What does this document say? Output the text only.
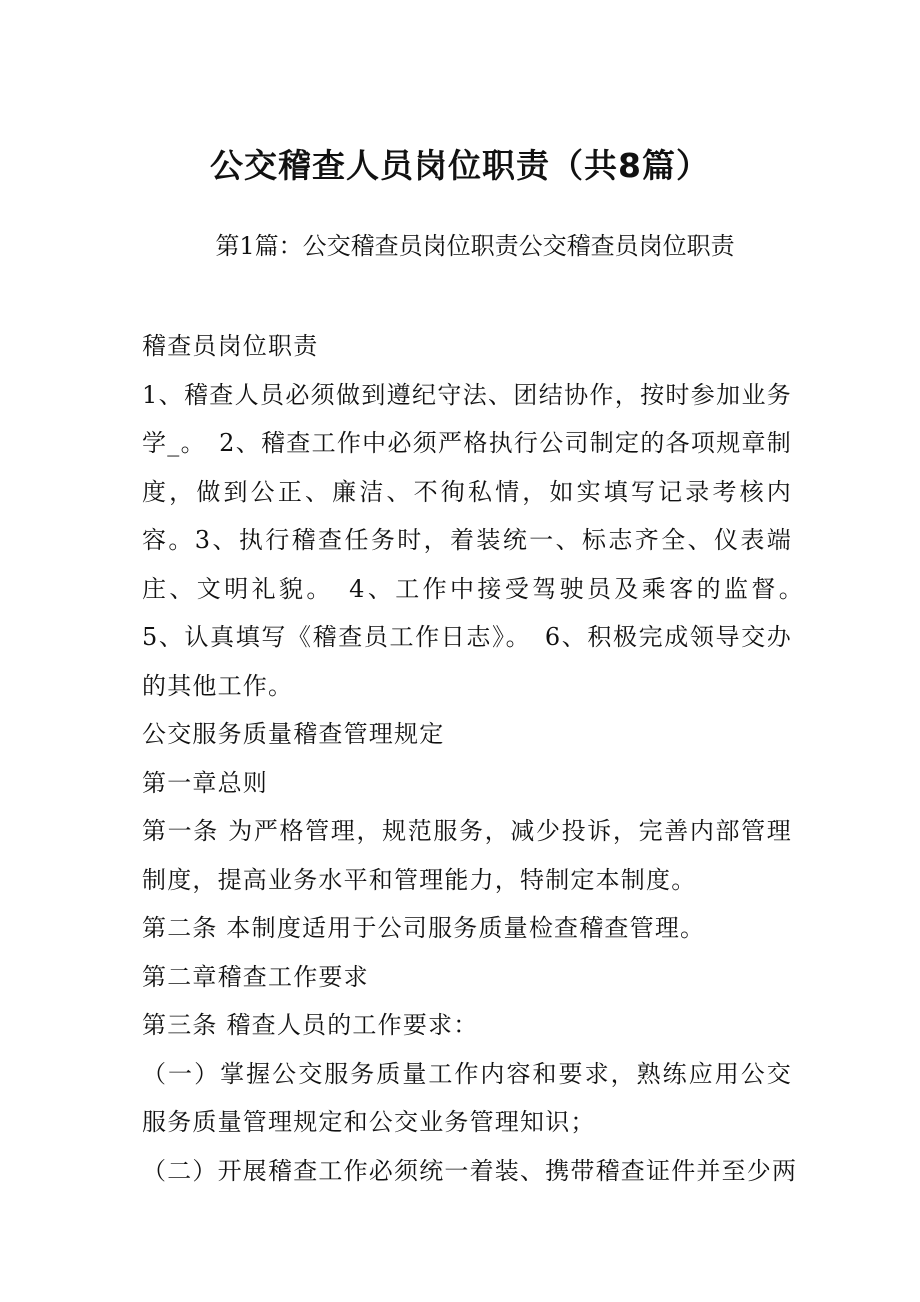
公交稽查人员岗位职责（共8篇）

第1篇：公交稽查员岗位职责公交稽查员岗位职责

稽查员岗位职责

1、稽查人员必须做到遵纪守法、团结协作，按时参加业务学_。　2、稽查工作中必须严格执行公司制定的各项规章制度，做到公正、廉洁、不徇私情，如实填写记录考核内容。3、执行稽查任务时，着装统一、标志齐全、仪表端庄、文明礼貌。　4、工作中接受驾驶员及乘客的监督。　5、认真填写《稽查员工作日志》。　6、积极完成领导交办的其他工作。

公交服务质量稽查管理规定

第一章总则

第一条 为严格管理，规范服务，减少投诉，完善内部管理制度，提高业务水平和管理能力，特制定本制度。

第二条 本制度适用于公司服务质量检查稽查管理。

第二章稽查工作要求

第三条 稽查人员的工作要求：

（一）掌握公交服务质量工作内容和要求，熟练应用公交服务质量管理规定和公交业务管理知识；

（二）开展稽查工作必须统一着装、携带稽查证件并至少两
